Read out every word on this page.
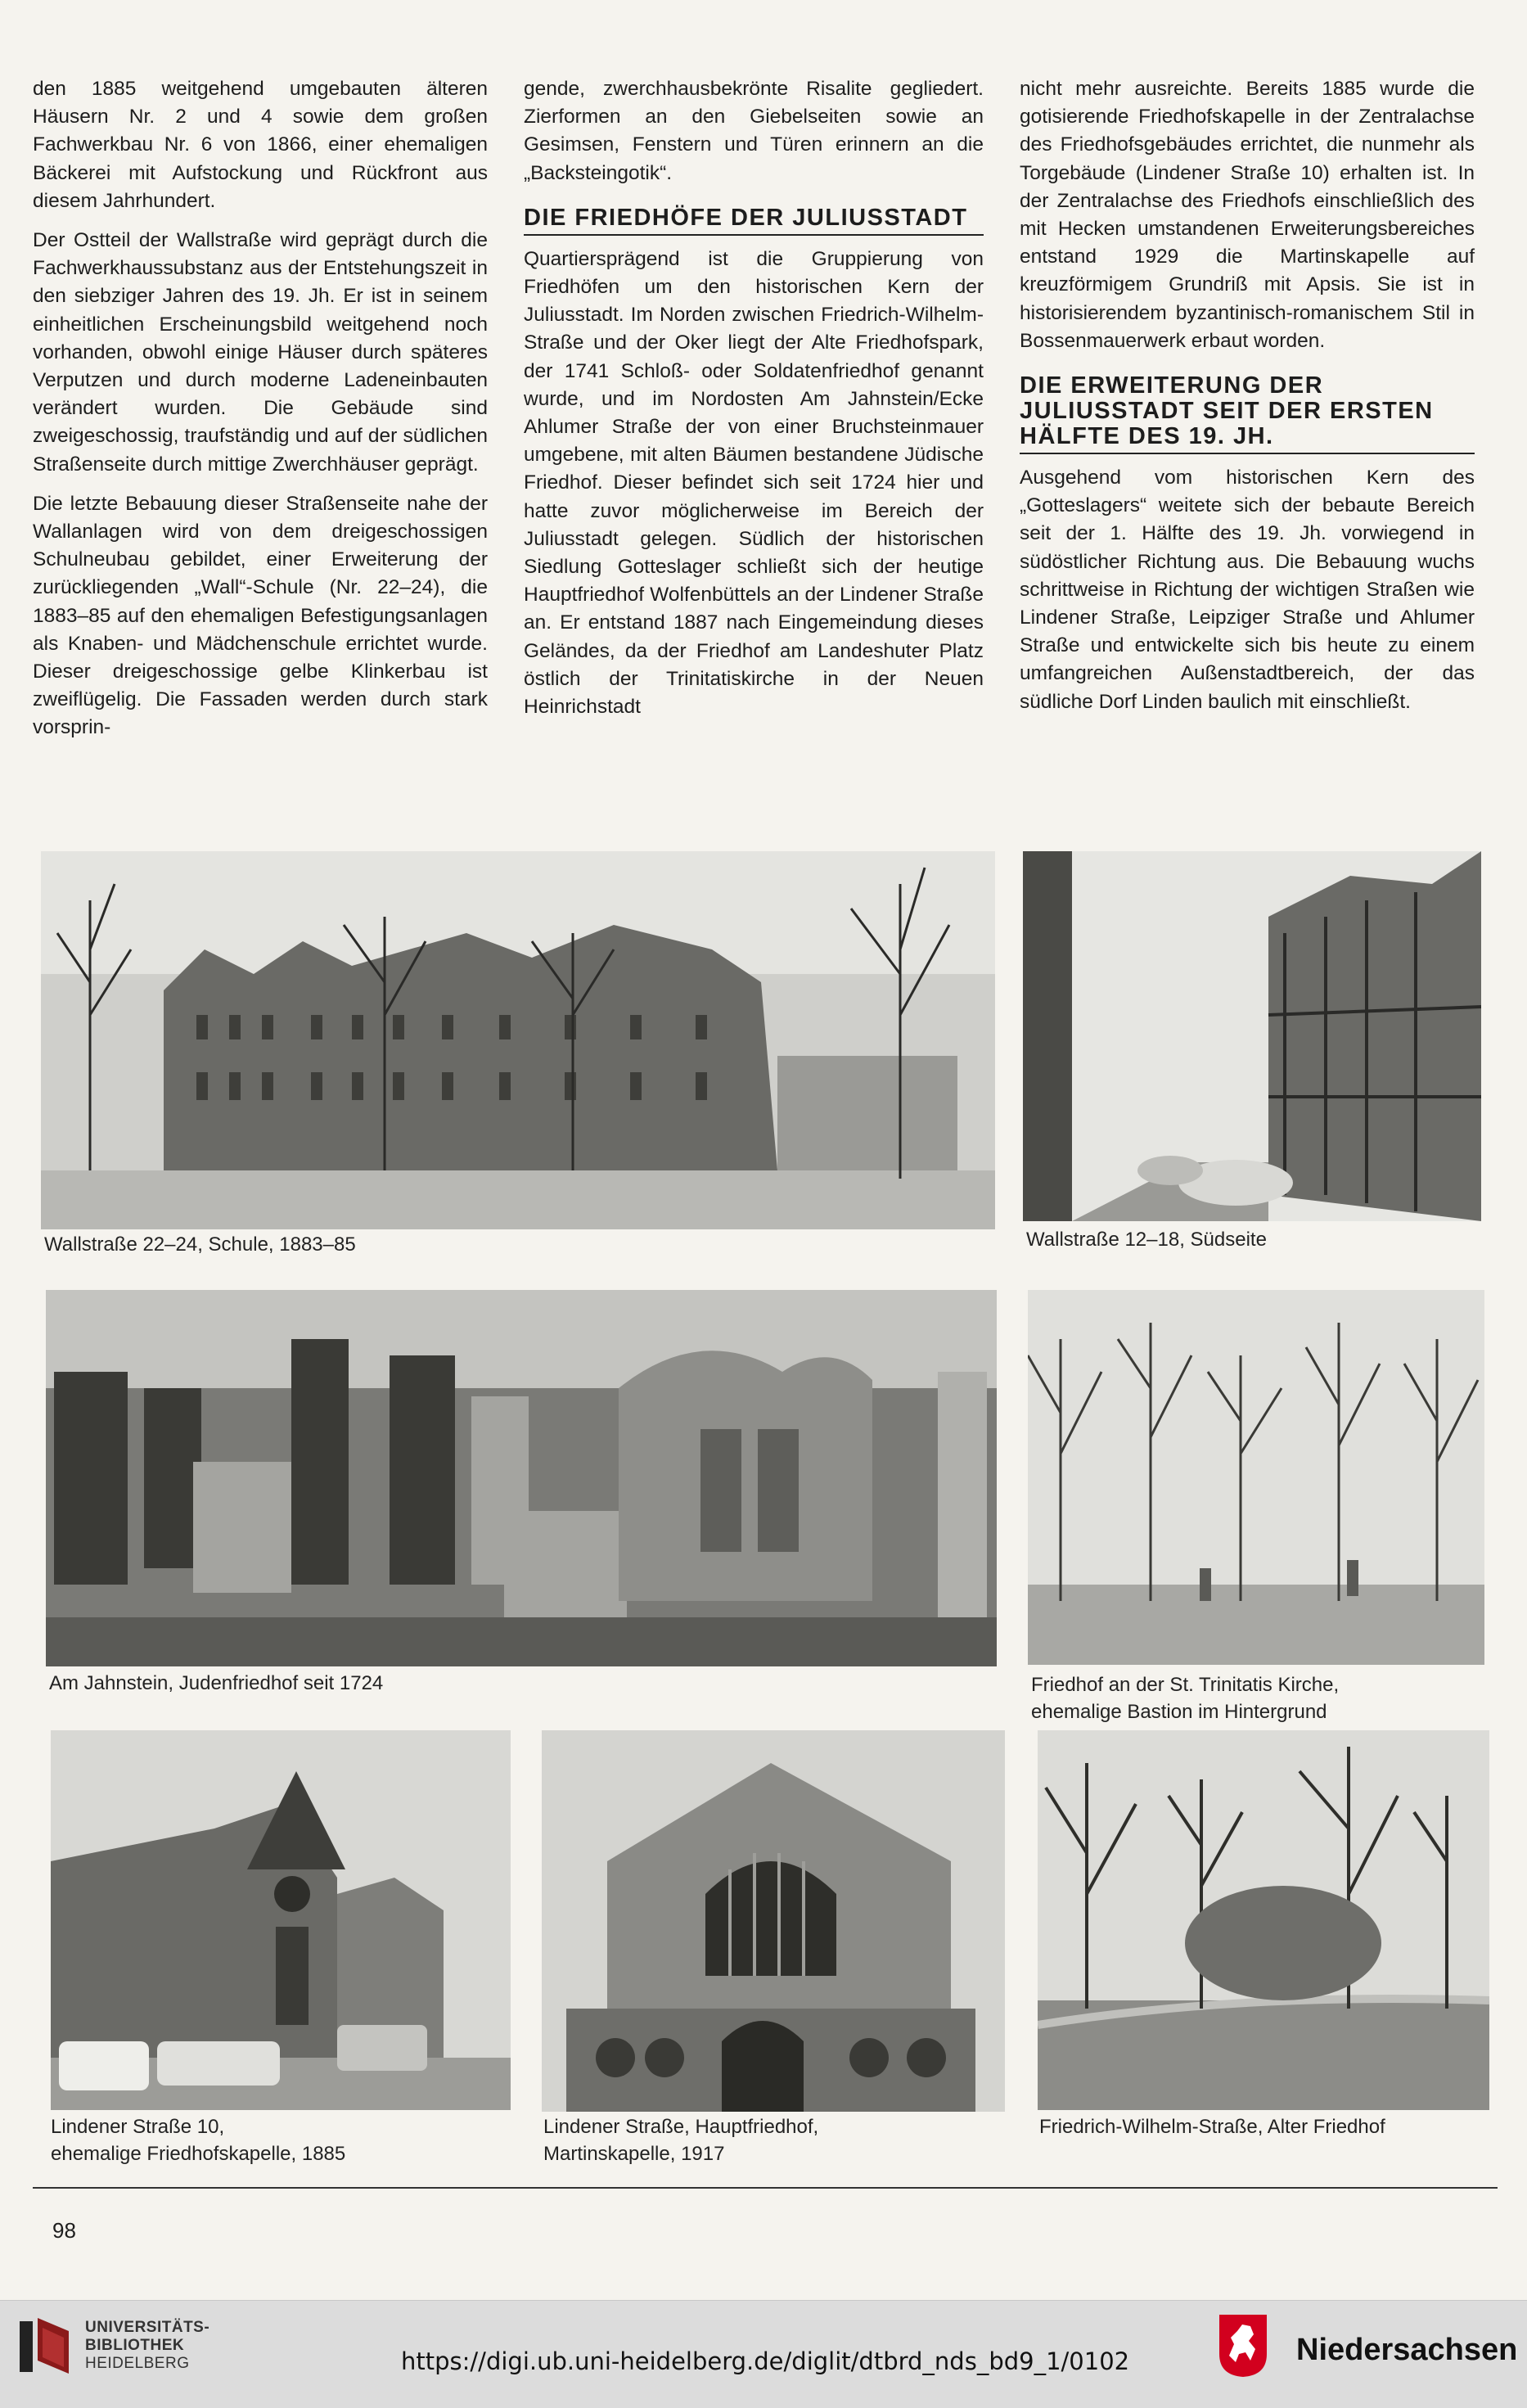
den 1885 weitgehend umgebauten älteren Häusern Nr. 2 und 4 sowie dem großen Fachwerkbau Nr. 6 von 1866, einer ehemaligen Bäckerei mit Aufstockung und Rückfront aus diesem Jahrhundert.

Der Ostteil der Wallstraße wird geprägt durch die Fachwerkhaussubstanz aus der Entstehungszeit in den siebziger Jahren des 19. Jh. Er ist in seinem einheitlichen Erscheinungsbild weitgehend noch vorhanden, obwohl einige Häuser durch späteres Verputzen und durch moderne Ladeneinbauten verändert wurden. Die Gebäude sind zweigeschossig, traufständig und auf der südlichen Straßenseite durch mittige Zwerchhäuser geprägt.

Die letzte Bebauung dieser Straßenseite nahe der Wallanlagen wird von dem dreigeschossigen Schulneubau gebildet, einer Erweiterung der zurückliegenden „Wall“-Schule (Nr. 22–24), die 1883–85 auf den ehemaligen Befestigungsanlagen als Knaben- und Mädchenschule errichtet wurde. Dieser dreigeschossige gelbe Klinkerbau ist zweiflügelig. Die Fassaden werden durch stark vorsprin-

gende, zwerchhausbekrönte Risalite gegliedert. Zierformen an den Giebelseiten sowie an Gesimsen, Fenstern und Türen erinnern an die „Backsteingotik“.

DIE FRIEDHÖFE DER JULIUSSTADT

Quartiersprägend ist die Gruppierung von Friedhöfen um den historischen Kern der Juliusstadt. Im Norden zwischen Friedrich-Wilhelm-Straße und der Oker liegt der Alte Friedhofspark, der 1741 Schloß- oder Soldatenfriedhof genannt wurde, und im Nordosten Am Jahnstein/Ecke Ahlumer Straße der von einer Bruchsteinmauer umgebene, mit alten Bäumen bestandene Jüdische Friedhof. Dieser befindet sich seit 1724 hier und hatte zuvor möglicherweise im Bereich der Juliusstadt gelegen. Südlich der historischen Siedlung Gotteslager schließt sich der heutige Hauptfriedhof Wolfenbüttels an der Lindener Straße an. Er entstand 1887 nach Eingemeindung dieses Geländes, da der Friedhof am Landeshuter Platz östlich der Trinitatiskirche in der Neuen Heinrichstadt

nicht mehr ausreichte. Bereits 1885 wurde die gotisierende Friedhofskapelle in der Zentralachse des Friedhofsgebäudes errichtet, die nunmehr als Torgebäude (Lindener Straße 10) erhalten ist. In der Zentralachse des Friedhofs einschließlich des mit Hecken umstandenen Erweiterungsbereiches entstand 1929 die Martinskapelle auf kreuzförmigem Grundriß mit Apsis. Sie ist in historisierendem byzantinisch-romanischem Stil in Bossenmauerwerk erbaut worden.

DIE ERWEITERUNG DER JULIUSSTADT SEIT DER ERSTEN HÄLFTE DES 19. JH.

Ausgehend vom historischen Kern des „Gotteslagers“ weitete sich der bebaute Bereich seit der 1. Hälfte des 19. Jh. vorwiegend in südöstlicher Richtung aus. Die Bebauung wuchs schrittweise in Richtung der wichtigen Straßen wie Lindener Straße, Leipziger Straße und Ahlumer Straße und entwickelte sich bis heute zu einem umfangreichen Außenstadtbereich, der das südliche Dorf Linden baulich mit einschließt.

Wallstraße 22–24, Schule, 1883–85	Wallstraße 12–18, Südseite
Am Jahnstein, Judenfriedhof seit 1724	Friedhof an der St. Trinitatis Kirche,
ehemalige Bastion im Hintergrund
Lindener Straße 10,
ehemalige Friedhofskapelle, 1885
Lindener Straße, Hauptfriedhof,
Martinskapelle, 1917
Friedrich-Wilhelm-Straße, Alter Friedhof
98
UNIVERSITÄTS-
BIBLIOTHEK
HEIDELBERG	https://digi.ub.uni-heidelberg.de/diglit/dtbrd_nds_bd9_1/0102	Niedersachsen
